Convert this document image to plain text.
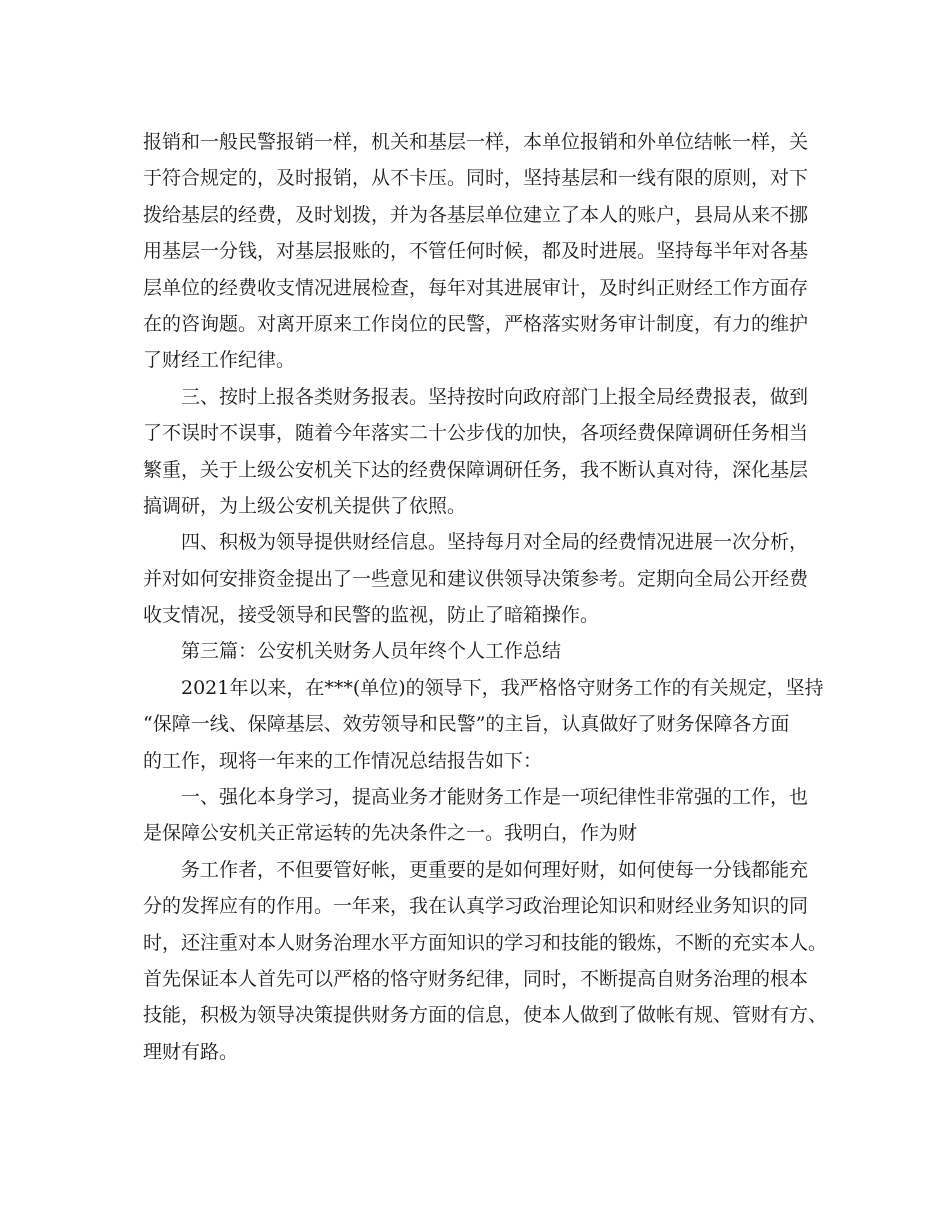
报销和一般民警报销一样，机关和基层一样，本单位报销和外单位结帐一样，关
于符合规定的，及时报销，从不卡压。同时，坚持基层和一线有限的原则，对下
拨给基层的经费，及时划拨，并为各基层单位建立了本人的账户，县局从来不挪
用基层一分钱，对基层报账的，不管任何时候，都及时进展。坚持每半年对各基
层单位的经费收支情况进展检查，每年对其进展审计，及时纠正财经工作方面存
在的咨询题。对离开原来工作岗位的民警，严格落实财务审计制度，有力的维护
了财经工作纪律。
三、按时上报各类财务报表。坚持按时向政府部门上报全局经费报表，做到
了不误时不误事，随着今年落实二十公步伐的加快，各项经费保障调研任务相当
繁重，关于上级公安机关下达的经费保障调研任务，我不断认真对待，深化基层
搞调研，为上级公安机关提供了依照。
四、积极为领导提供财经信息。坚持每月对全局的经费情况进展一次分析，
并对如何安排资金提出了一些意见和建议供领导决策参考。定期向全局公开经费
收支情况，接受领导和民警的监视，防止了暗箱操作。
第三篇：公安机关财务人员年终个人工作总结
2021年以来，在***(单位)的领导下，我严格恪守财务工作的有关规定，坚持
“保障一线、保障基层、效劳领导和民警”的主旨，认真做好了财务保障各方面
的工作，现将一年来的工作情况总结报告如下：
一、强化本身学习，提高业务才能财务工作是一项纪律性非常强的工作，也
是保障公安机关正常运转的先决条件之一。我明白，作为财
务工作者，不但要管好帐，更重要的是如何理好财，如何使每一分钱都能充
分的发挥应有的作用。一年来，我在认真学习政治理论知识和财经业务知识的同
时，还注重对本人财务治理水平方面知识的学习和技能的锻炼，不断的充实本人。
首先保证本人首先可以严格的恪守财务纪律，同时，不断提高自财务治理的根本
技能，积极为领导决策提供财务方面的信息，使本人做到了做帐有规、管财有方、
理财有路。
